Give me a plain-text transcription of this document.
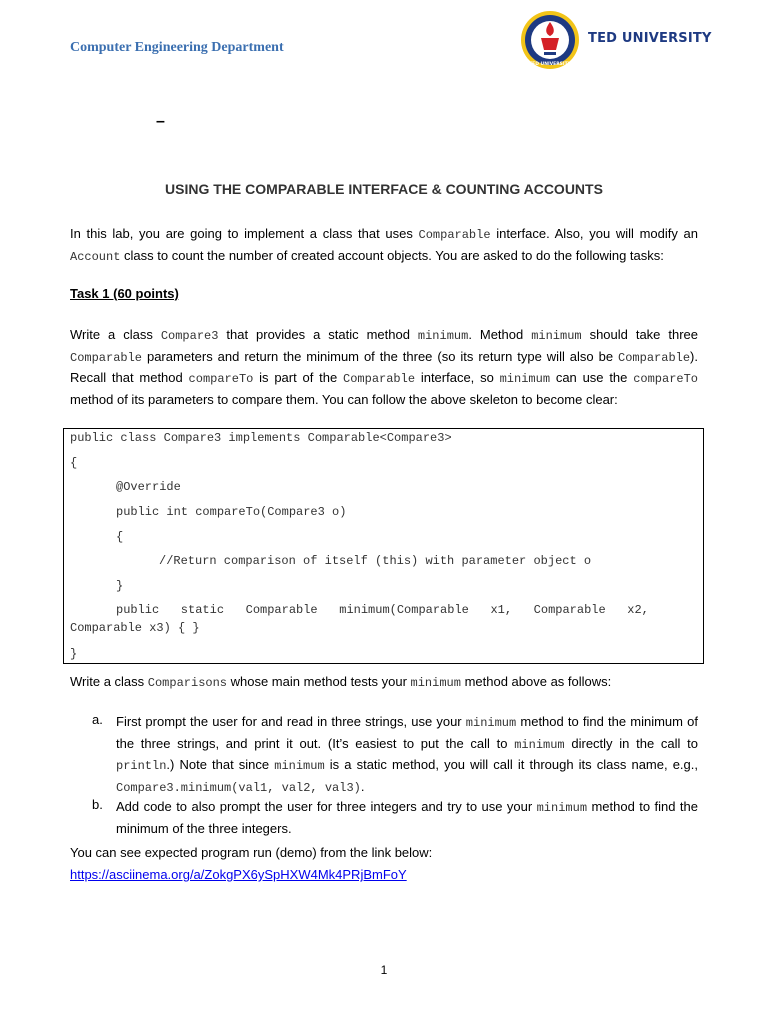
Computer Engineering Department
TED UNIVERSITY
TED UNIVERSITY
–
USING THE COMPARABLE INTERFACE & COUNTING ACCOUNTS
In this lab, you are going to implement a class that uses Comparable interface. Also, you will modify an Account class to count the number of created account objects. You are asked to do the following tasks:
Task 1 (60 points)
Write a class Compare3 that provides a static method minimum. Method minimum should take three Comparable parameters and return the minimum of the three (so its return type will also be Comparable). Recall that method compareTo is part of the Comparable interface, so minimum can use the compareTo method of its parameters to compare them. You can follow the above skeleton to become clear:
public class Compare3 implements Comparable<Compare3>
{
@Override
public int compareTo(Compare3 o)
{
//Return comparison of itself (this) with parameter object o
}
public   static   Comparable   minimum(Comparable   x1,   Comparable   x2,
Comparable x3) { }
}
Write a class Comparisons whose main method tests your minimum method above as follows:
a. First prompt the user for and read in three strings, use your minimum method to find the minimum of the three strings, and print it out. (It’s easiest to put the call to minimum directly in the call to println.) Note that since minimum is a static method, you will call it through its class name, e.g., Compare3.minimum(val1, val2, val3).
b. Add code to also prompt the user for three integers and try to use your minimum method to find the minimum of the three integers.
You can see expected program run (demo) from the link below:
https://asciinema.org/a/ZokgPX6ySpHXW4Mk4PRjBmFoY
1
